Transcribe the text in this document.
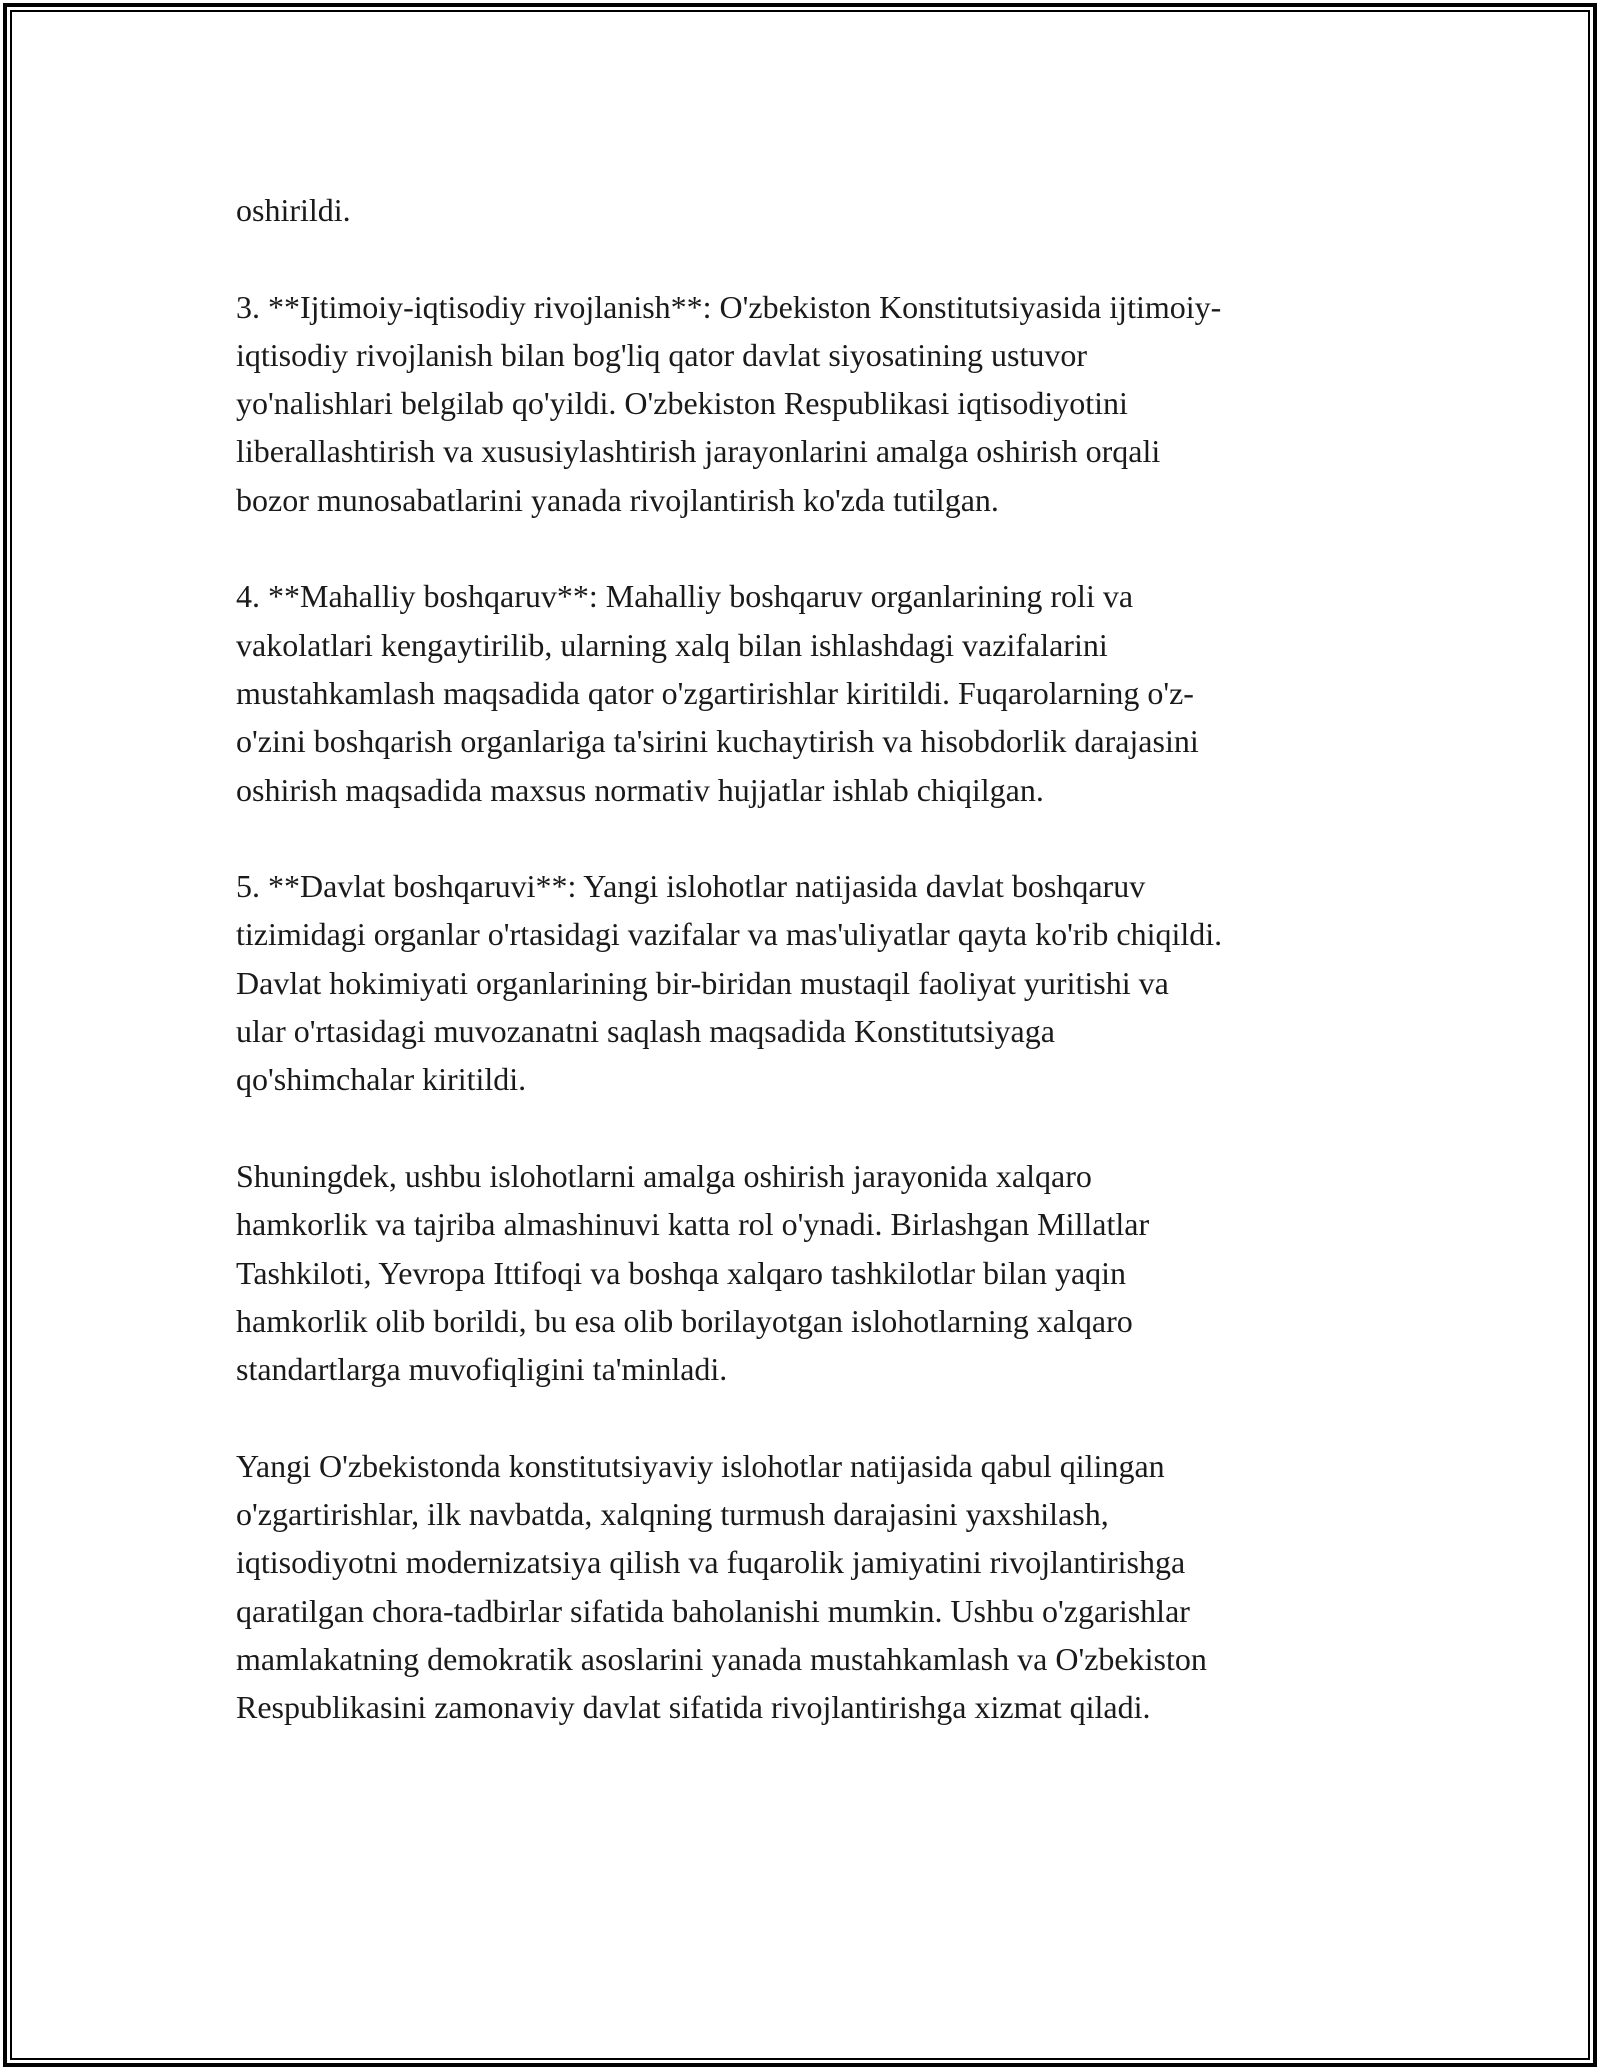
oshirildi.

3. **Ijtimoiy-iqtisodiy rivojlanish**: O'zbekiston Konstitutsiyasida ijtimoiy-
iqtisodiy rivojlanish bilan bog'liq qator davlat siyosatining ustuvor
yo'nalishlari belgilab qo'yildi. O'zbekiston Respublikasi iqtisodiyotini
liberallashtirish va xususiylashtirish jarayonlarini amalga oshirish orqali
bozor munosabatlarini yanada rivojlantirish ko'zda tutilgan.

4. **Mahalliy boshqaruv**: Mahalliy boshqaruv organlarining roli va
vakolatlari kengaytirilib, ularning xalq bilan ishlashdagi vazifalarini
mustahkamlash maqsadida qator o'zgartirishlar kiritildi. Fuqarolarning o'z-
o'zini boshqarish organlariga ta'sirini kuchaytirish va hisobdorlik darajasini
oshirish maqsadida maxsus normativ hujjatlar ishlab chiqilgan.

5. **Davlat boshqaruvi**: Yangi islohotlar natijasida davlat boshqaruv
tizimidagi organlar o'rtasidagi vazifalar va mas'uliyatlar qayta ko'rib chiqildi.
Davlat hokimiyati organlarining bir-biridan mustaqil faoliyat yuritishi va
ular o'rtasidagi muvozanatni saqlash maqsadida Konstitutsiyaga
qo'shimchalar kiritildi.

Shuningdek, ushbu islohotlarni amalga oshirish jarayonida xalqaro
hamkorlik va tajriba almashinuvi katta rol o'ynadi. Birlashgan Millatlar
Tashkiloti, Yevropa Ittifoqi va boshqa xalqaro tashkilotlar bilan yaqin
hamkorlik olib borildi, bu esa olib borilayotgan islohotlarning xalqaro
standartlarga muvofiqligini ta'minladi.

Yangi O'zbekistonda konstitutsiyaviy islohotlar natijasida qabul qilingan
o'zgartirishlar, ilk navbatda, xalqning turmush darajasini yaxshilash,
iqtisodiyotni modernizatsiya qilish va fuqarolik jamiyatini rivojlantirishga
qaratilgan chora-tadbirlar sifatida baholanishi mumkin. Ushbu o'zgarishlar
mamlakatning demokratik asoslarini yanada mustahkamlash va O'zbekiston
Respublikasini zamonaviy davlat sifatida rivojlantirishga xizmat qiladi.
